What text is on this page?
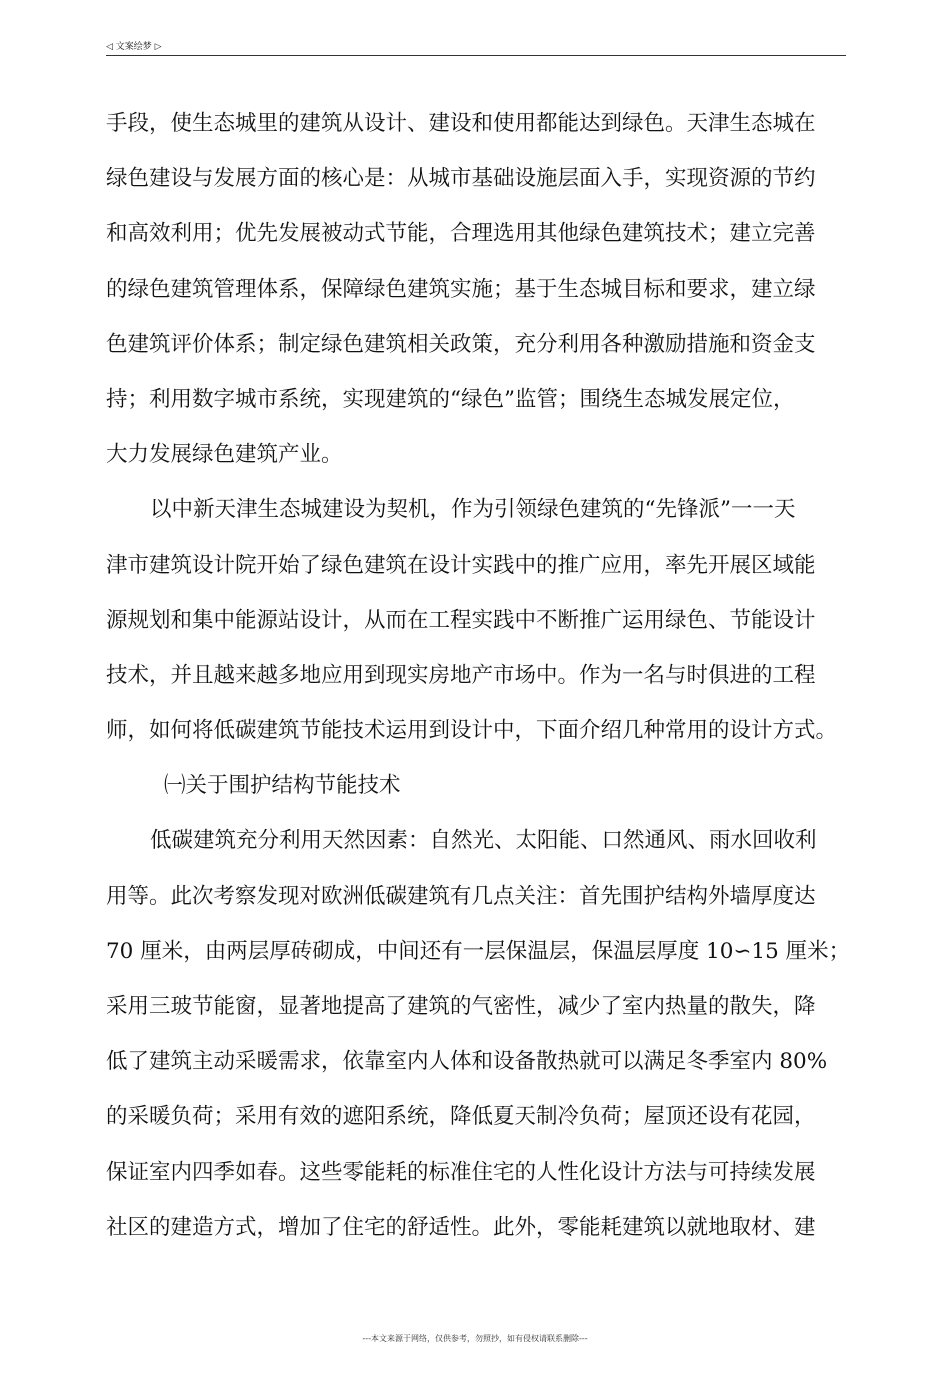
◁ 文案绘梦 ▷
手段，使生态城里的建筑从设计、建设和使用都能达到绿色。天津生态城在
绿色建设与发展方面的核心是：从城市基础设施层面入手，实现资源的节约
和高效利用；优先发展被动式节能，合理选用其他绿色建筑技术；建立完善
的绿色建筑管理体系，保障绿色建筑实施；基于生态城目标和要求，建立绿
色建筑评价体系；制定绿色建筑相关政策，充分利用各种激励措施和资金支
持；利用数字城市系统，实现建筑的“绿色”监管；围绕生态城发展定位，
大力发展绿色建筑产业。
以中新天津生态城建设为契机，作为引领绿色建筑的“先锋派”一一天
津市建筑设计院开始了绿色建筑在设计实践中的推广应用，率先开展区域能
源规划和集中能源站设计，从而在工程实践中不断推广运用绿色、节能设计
技术，并且越来越多地应用到现实房地产市场中。作为一名与时俱进的工程
师，如何将低碳建筑节能技术运用到设计中，下面介绍几种常用的设计方式。
㈠关于围护结构节能技术
低碳建筑充分利用天然因素：自然光、太阳能、口然通风、雨水回收利
用等。此次考察发现对欧洲低碳建筑有几点关注：首先围护结构外墙厚度达
70 厘米，由两层厚砖砌成，中间还有一层保温层，保温层厚度 10∽15 厘米；
采用三玻节能窗，显著地提高了建筑的气密性，减少了室内热量的散失，降
低了建筑主动采暖需求，依靠室内人体和设备散热就可以满足冬季室内 80%
的采暖负荷；采用有效的遮阳系统，降低夏天制冷负荷；屋顶还设有花园，
保证室内四季如春。这些零能耗的标准住宅的人性化设计方法与可持续发展
社区的建造方式，增加了住宅的舒适性。此外，零能耗建筑以就地取材、建
---本文来源于网络，仅供参考，勿照抄，如有侵权请联系删除---
